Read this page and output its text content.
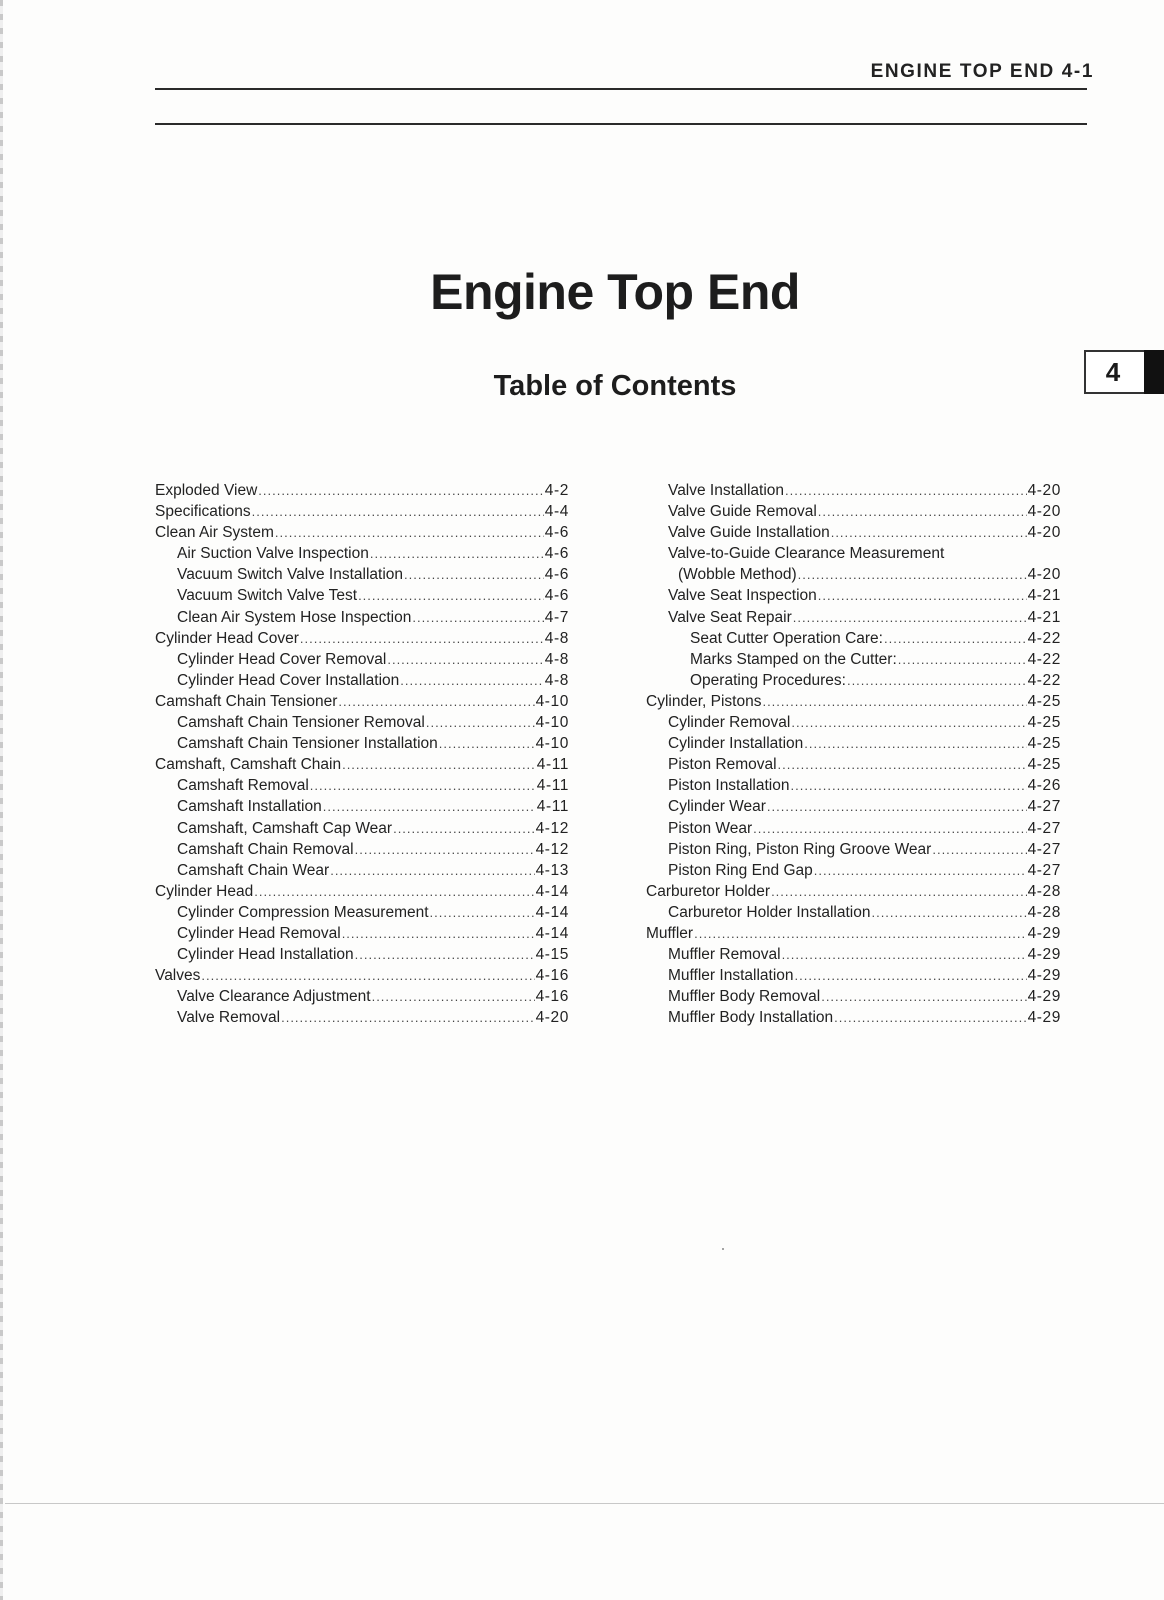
ENGINE TOP END 4-1
Engine Top End
Table of Contents	4
Exploded View .....	4-2
Specifications .....	4-4
Clean Air System .....	4-6
Air Suction Valve Inspection .....	4-6
Vacuum Switch Valve Installation .....	4-6
Vacuum Switch Valve Test .....	4-6
Clean Air System Hose Inspection .....	4-7
Cylinder Head Cover .....	4-8
Cylinder Head Cover Removal .....	4-8
Cylinder Head Cover Installation .....	4-8
Camshaft Chain Tensioner .....	4-10
Camshaft Chain Tensioner Removal .....	4-10
Camshaft Chain Tensioner Installation .....	4-10
Camshaft, Camshaft Chain .....	4-11
Camshaft Removal .....	4-11
Camshaft Installation .....	4-11
Camshaft, Camshaft Cap Wear .....	4-12
Camshaft Chain Removal .....	4-12
Camshaft Chain Wear .....	4-13
Cylinder Head .....	4-14
Cylinder Compression Measurement .....	4-14
Cylinder Head Removal .....	4-14
Cylinder Head Installation .....	4-15
Valves .....	4-16
Valve Clearance Adjustment .....	4-16
Valve Removal .....	4-20
Valve Installation .....	4-20
Valve Guide Removal .....	4-20
Valve Guide Installation .....	4-20
Valve-to-Guide Clearance Measurement
(Wobble Method) .....	4-20
Valve Seat Inspection .....	4-21
Valve Seat Repair .....	4-21
Seat Cutter Operation Care: .....	4-22
Marks Stamped on the Cutter: .....	4-22
Operating Procedures: .....	4-22
Cylinder, Pistons .....	4-25
Cylinder Removal .....	4-25
Cylinder Installation .....	4-25
Piston Removal .....	4-25
Piston Installation .....	4-26
Cylinder Wear .....	4-27
Piston Wear .....	4-27
Piston Ring, Piston Ring Groove Wear .....	4-27
Piston Ring End Gap .....	4-27
Carburetor Holder .....	4-28
Carburetor Holder Installation .....	4-28
Muffler .....	4-29
Muffler Removal .....	4-29
Muffler Installation .....	4-29
Muffler Body Removal .....	4-29
Muffler Body Installation .....	4-29
